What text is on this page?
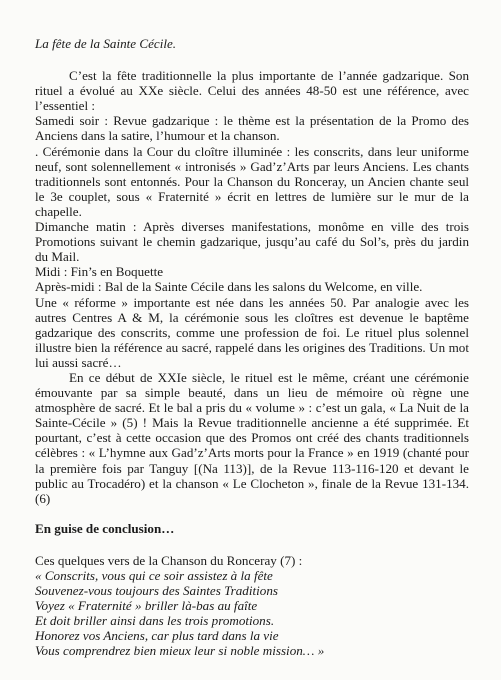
La fête de la Sainte Cécile.

C’est la fête traditionnelle la plus importante de l’année gadzarique. Son rituel a évolué au XXe siècle. Celui des années 48-50 est une référence, avec l’essentiel :

Samedi soir : Revue gadzarique : le thème est la présentation de la Promo des Anciens dans la satire, l’humour et la chanson.

. Cérémonie dans la Cour du cloître illuminée : les conscrits, dans leur uniforme neuf, sont solennellement « intronisés » Gad’z’Arts par leurs Anciens. Les chants traditionnels sont entonnés. Pour la Chanson du Ronceray, un Ancien chante seul le 3e couplet, sous « Fraternité » écrit en lettres de lumière sur le mur de la chapelle.

Dimanche matin : Après diverses manifestations, monôme en ville des trois Promotions suivant le chemin gadzarique, jusqu’au café du Sol’s, près du jardin du Mail.

Midi : Fin’s en Boquette

Après-midi : Bal de la Sainte Cécile dans les salons du Welcome, en ville.

Une « réforme » importante est née dans les années 50. Par analogie avec les autres Centres A & M, la cérémonie sous les cloîtres est devenue le baptême gadzarique des conscrits, comme une profession de foi. Le rituel plus solennel illustre bien la référence au sacré, rappelé dans les origines des Traditions. Un mot lui aussi sacré…

En ce début de XXIe siècle, le rituel est le même, créant une cérémonie émouvante par sa simple beauté, dans un lieu de mémoire où règne une atmosphère de sacré. Et le bal a pris du « volume » : c’est un gala, « La Nuit de la Sainte-Cécile » (5) ! Mais la Revue traditionnelle ancienne a été supprimée. Et pourtant, c’est à cette occasion que des Promos ont créé des chants traditionnels célèbres : « L’hymne aux Gad’z’Arts morts pour la France » en 1919 (chanté pour la première fois par Tanguy [(Na 113)], de la Revue 113-116-120 et devant le public au Trocadéro) et la chanson « Le Clocheton », finale de la Revue 131-134. (6)

En guise de conclusion…
Ces quelques vers de la Chanson du Ronceray (7) :
« Conscrits, vous qui ce soir assistez à la fête
Souvenez-vous toujours des Saintes Traditions
Voyez « Fraternité » briller là-bas au faîte
Et doit briller ainsi dans les trois promotions.
Honorez vos Anciens, car plus tard dans la vie
Vous comprendrez bien mieux leur si noble mission… »
